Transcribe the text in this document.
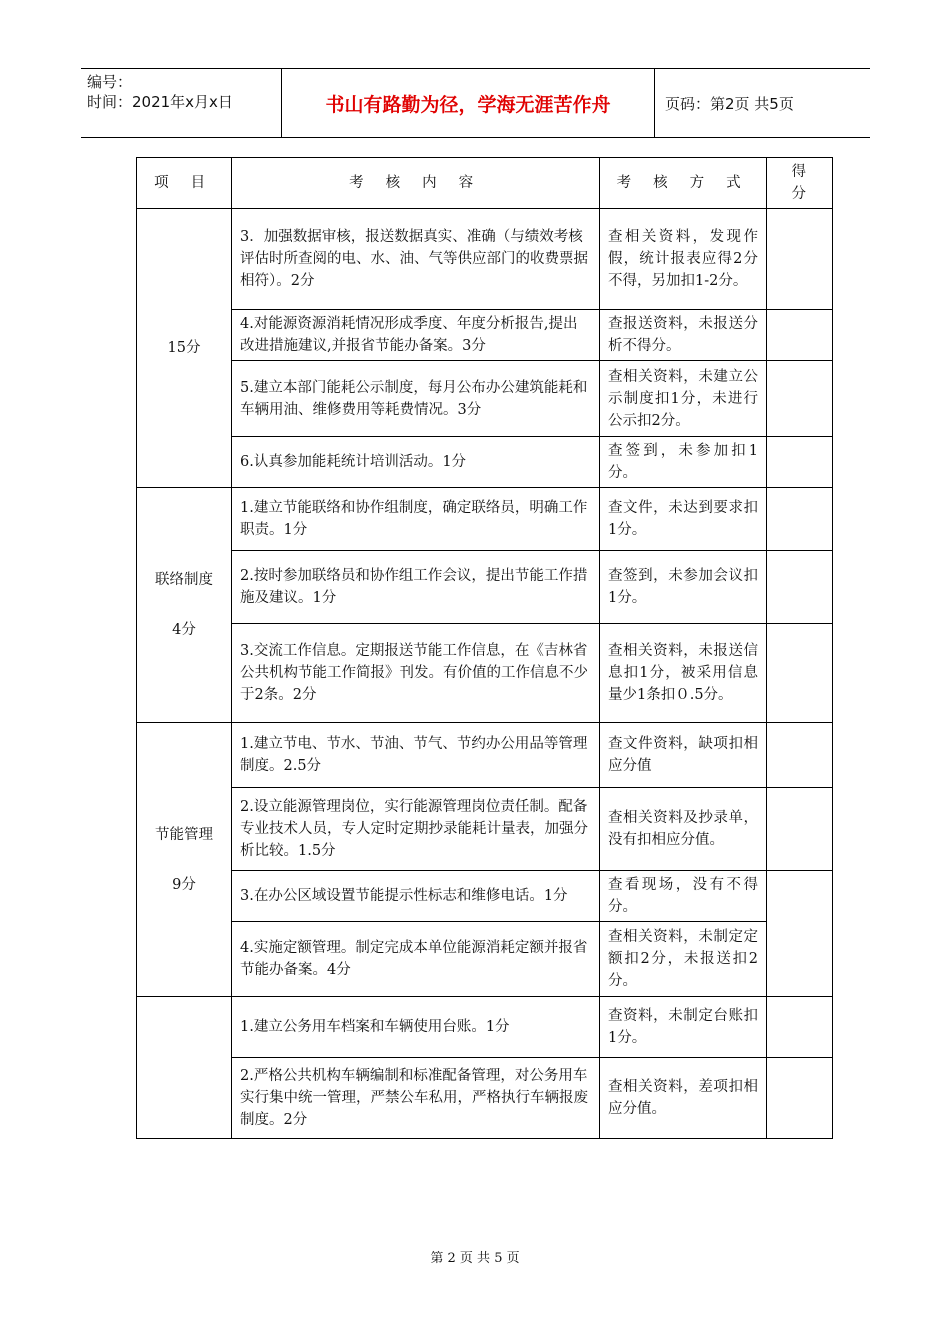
编号：
时间：2021年x月x日	书山有路勤为径，学海无涯苦作舟	页码：第2页 共5页
项 目	考 核 内 容	考 核 方 式	得分

15分	3．加强数据审核，报送数据真实、准确（与绩效考核评估时所查阅的电、水、油、气等供应部门的收费票据相符）。2分	查相关资料，发现作假，统计报表应得2分不得，另加扣1-2分。	
	4.对能源资源消耗情况形成季度、年度分析报告,提出改进措施建议,并报省节能办备案。3分	查报送资料，未报送分析不得分。	
	5.建立本部门能耗公示制度，每月公布办公建筑能耗和车辆用油、维修费用等耗费情况。3分	查相关资料，未建立公示制度扣1分，未进行公示扣2分。	
	6.认真参加能耗统计培训活动。1分	查签到，未参加扣1分。	

联络制度
4分	1.建立节能联络和协作组制度，确定联络员，明确工作职责。1分	查文件，未达到要求扣1分。	
	2.按时参加联络员和协作组工作会议，提出节能工作措施及建议。1分	查签到，未参加会议扣1分。	
	3.交流工作信息。定期报送节能工作信息，在《吉林省公共机构节能工作简报》刊发。有价值的工作信息不少于2条。2分	查相关资料，未报送信息扣1分，被采用信息量少1条扣０.5分。	

节能管理
9分	1.建立节电、节水、节油、节气、节约办公用品等管理制度。2.5分	查文件资料，缺项扣相应分值	
	2.设立能源管理岗位，实行能源管理岗位责任制。配备专业技术人员，专人定时定期抄录能耗计量表，加强分析比较。1.5分	查相关资料及抄录单，没有扣相应分值。	
	3.在办公区域设置节能提示性标志和维修电话。1分	查看现场，没有不得分。	
	4.实施定额管理。制定完成本单位能源消耗定额并报省节能办备案。4分	查相关资料，未制定定额扣2分，未报送扣2分。	

	1.建立公务用车档案和车辆使用台账。1分	查资料，未制定台账扣1分。	
	2.严格公共机构车辆编制和标准配备管理，对公务用车实行集中统一管理，严禁公车私用，严格执行车辆报废制度。2分	查相关资料，差项扣相应分值。	
第 2 页 共 5 页
